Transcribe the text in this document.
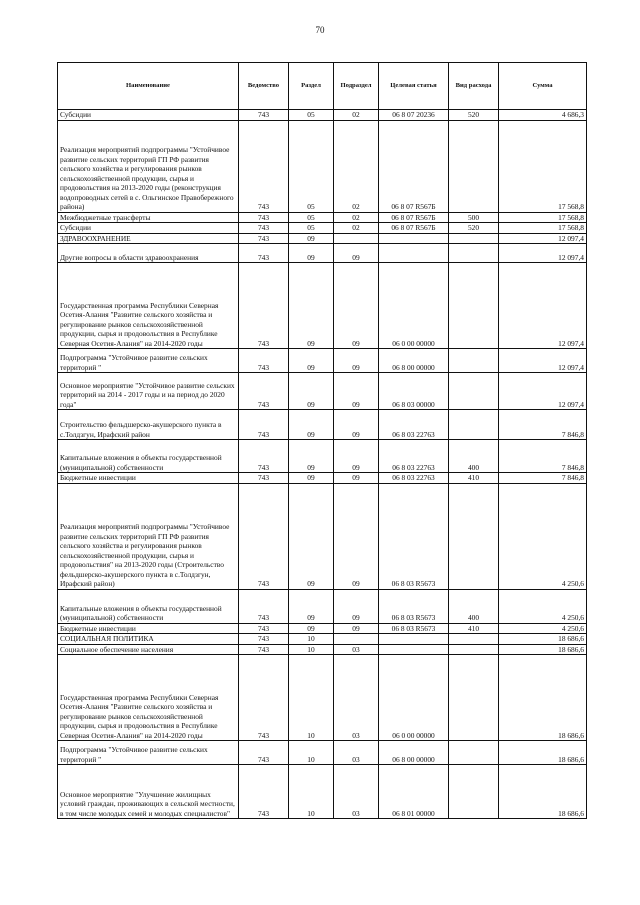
70
Наименование	Ведомство	Раздел	Подраздел	Целевая статья	Вид расхода	Сумма
Субсидии	743	05	02	06 8 07 20236	520	4 686,3
Реализация мероприятий подпрограммы "Устойчивое развитие сельских территорий ГП РФ развития сельского хозяйства и регулирования рынков сельскохозяйственной продукции, сырья и продовольствия на 2013-2020 годы (реконструкция водопроводных сетей в с. Ольгинское Правобережного района)	743	05	02	06 8 07 R567Б		17 568,8
Межбюджетные трансферты	743	05	02	06 8 07 R567Б	500	17 568,8
Субсидии	743	05	02	06 8 07 R567Б	520	17 568,8
ЗДРАВООХРАНЕНИЕ	743	09				12 097,4
Другие вопросы в области здравоохранения	743	09	09			12 097,4
Государственная программа Республики Северная Осетия-Алания "Развитие сельского хозяйства и регулирование рынков сельскохозяйственной продукции, сырья и продовольствия в Республике Северная Осетия-Алания" на 2014-2020 годы	743	09	09	06 0 00 00000		12 097,4
Подпрограмма "Устойчивое развитие сельских территорий "	743	09	09	06 8 00 00000		12 097,4
Основное мероприятие "Устойчивое развитие сельских территорий на 2014 - 2017 годы и на период до 2020 года"	743	09	09	06 8 03 00000		12 097,4
Строительство фельдшерско-акушерского пункта в с.Толдзгун, Ирафский район	743	09	09	06 8 03 22763		7 846,8
Капитальные вложения в объекты государственной (муниципальной) собственности	743	09	09	06 8 03 22763	400	7 846,8
Бюджетные инвестиции	743	09	09	06 8 03 22763	410	7 846,8
Реализация мероприятий подпрограммы "Устойчивое развитие сельских территорий ГП РФ развития сельского хозяйства и регулирования рынков сельскохозяйственной продукции, сырья и продовольствия" на 2013-2020 годы (Строительство фельдшерско-акушерского пункта в с.Толдзгун, Ирафский район)	743	09	09	06 8 03 R5673		4 250,6
Капитальные вложения в объекты государственной (муниципальной) собственности	743	09	09	06 8 03 R5673	400	4 250,6
Бюджетные инвестиции	743	09	09	06 8 03 R5673	410	4 250,6
СОЦИАЛЬНАЯ ПОЛИТИКА	743	10				18 686,6
Социальное обеспечение населения	743	10	03			18 686,6
Государственная программа Республики Северная Осетия-Алания "Развитие сельского хозяйства и регулирование рынков сельскохозяйственной продукции, сырья и продовольствия в Республике Северная Осетия-Алания" на 2014-2020 годы	743	10	03	06 0 00 00000		18 686,6
Подпрограмма "Устойчивое развитие сельских территорий "	743	10	03	06 8 00 00000		18 686,6
Основное мероприятие "Улучшение жилищных условий граждан, проживающих в сельской местности, в том числе молодых семей и молодых специалистов"	743	10	03	06 8 01 00000		18 686,6
